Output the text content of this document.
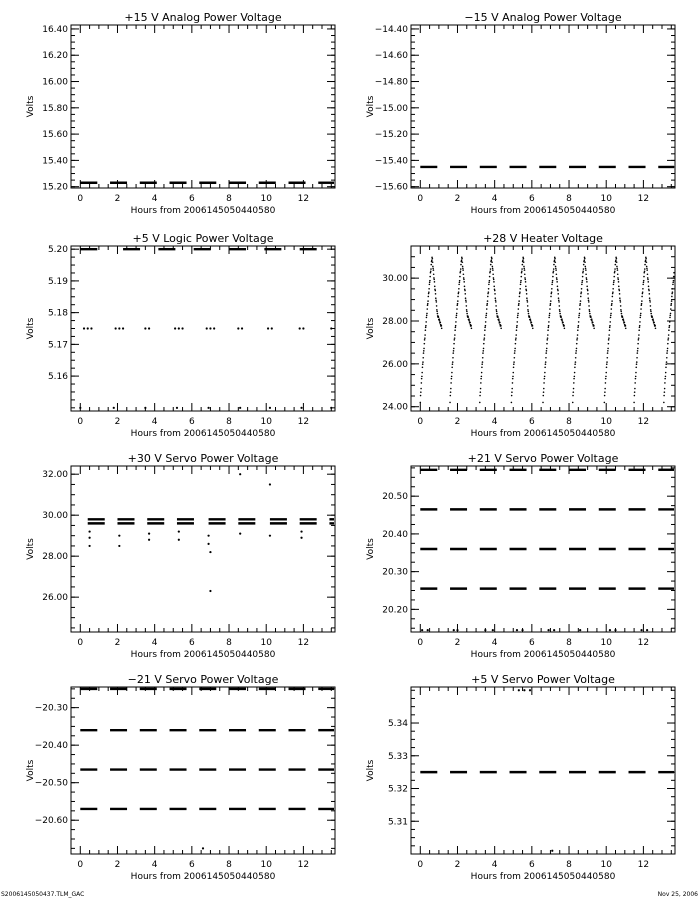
+15 V Analog Power Voltage
Hours from 2006145050440580
Volts
0	2	4	6	8	10	12
15.20
15.40
15.60
15.80
16.00
16.20
16.40
−15 V Analog Power Voltage
Hours from 2006145050440580
Volts
0	2	4	6	8	10	12
−15.60
−15.40
−15.20
−15.00
−14.80
−14.60
−14.40
+5 V Logic Power Voltage
Hours from 2006145050440580
Volts
0	2	4	6	8	10	12
5.16
5.17
5.18
5.19
5.20
+28 V Heater Voltage
Hours from 2006145050440580
Volts
0	2	4	6	8	10	12
24.00
26.00
28.00
30.00
+30 V Servo Power Voltage
Hours from 2006145050440580
Volts
0	2	4	6	8	10	12
26.00
28.00
30.00
32.00
+21 V Servo Power Voltage
Hours from 2006145050440580
Volts
0	2	4	6	8	10	12
20.20
20.30
20.40
20.50
−21 V Servo Power Voltage
Hours from 2006145050440580
Volts
0	2	4	6	8	10	12
−20.60
−20.50
−20.40
−20.30
+5 V Servo Power Voltage
Hours from 2006145050440580
Volts
0	2	4	6	8	10	12
5.31
5.32
5.33
5.34
S2006145050437.TLM_GAC	Nov 25, 2006
